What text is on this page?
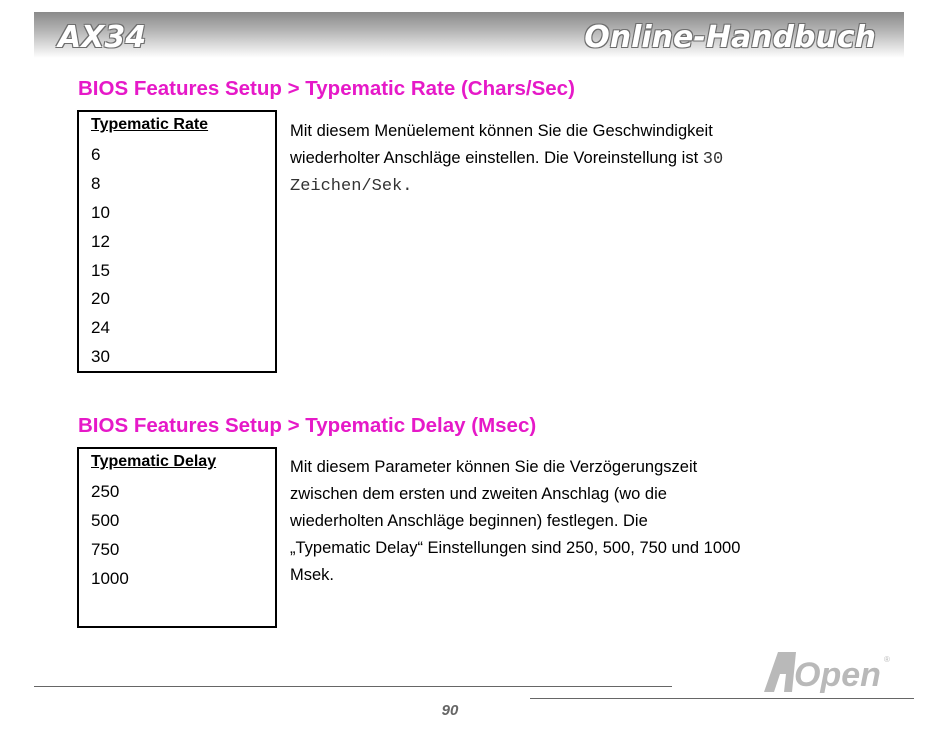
AX34	Online-Handbuch
BIOS Features Setup > Typematic Rate (Chars/Sec)
Typematic Rate
6
8
10
12
15
20
24
30
Mit diesem Menüelement können Sie die Geschwindigkeit
wiederholter Anschläge einstellen. Die Voreinstellung ist 30
Zeichen/Sek.
BIOS Features Setup > Typematic Delay (Msec)
Typematic Delay
250
500
750
1000
Mit diesem Parameter können Sie die Verzögerungszeit
zwischen dem ersten und zweiten Anschlag (wo die
wiederholten Anschläge beginnen) festlegen. Die
„Typematic Delay“ Einstellungen sind 250, 500, 750 und 1000
Msek.
90
Open ®
